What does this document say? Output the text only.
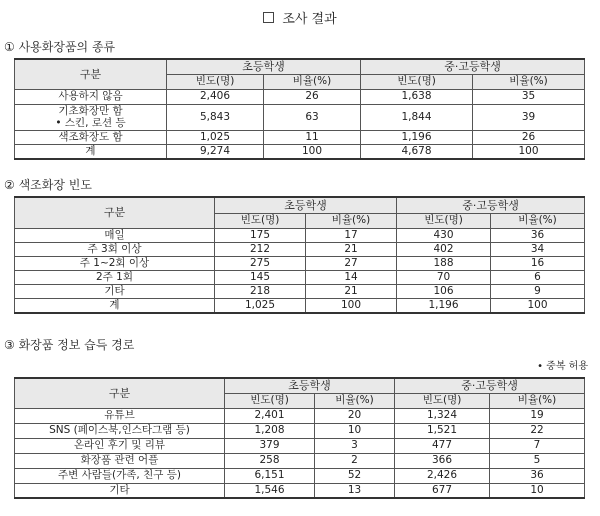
조사 결과
① 사용화장품의 종류
구분	초등학생		중·고등학생	
	빈도(명)	비율(%)	빈도(명)	비율(%)
사용하지 않음	2,406	26	1,638	35
기초화장만 함
• 스킨, 로션 등	5,843	63	1,844	39
색조화장도 함	1,025	11	1,196	26
계	9,274	100	4,678	100
② 색조화장 빈도
구분	초등학생		중·고등학생	
	빈도(명)	비율(%)	빈도(명)	비율(%)
매일	175	17	430	36
주 3회 이상	212	21	402	34
주 1~2회 이상	275	27	188	16
2주 1회	145	14	70	6
기타	218	21	106	9
계	1,025	100	1,196	100
③ 화장품 정보 습득 경로
• 중복 허용
구분	초등학생		중·고등학생	
	빈도(명)	비율(%)	빈도(명)	비율(%)
유튜브	2,401	20	1,324	19
SNS (페이스북,인스타그램 등)	1,208	10	1,521	22
온라인 후기 및 리뷰	379	3	477	7
화장품 관련 어플	258	2	366	5
주변 사람들(가족, 친구 등)	6,151	52	2,426	36
기타	1,546	13	677	10
